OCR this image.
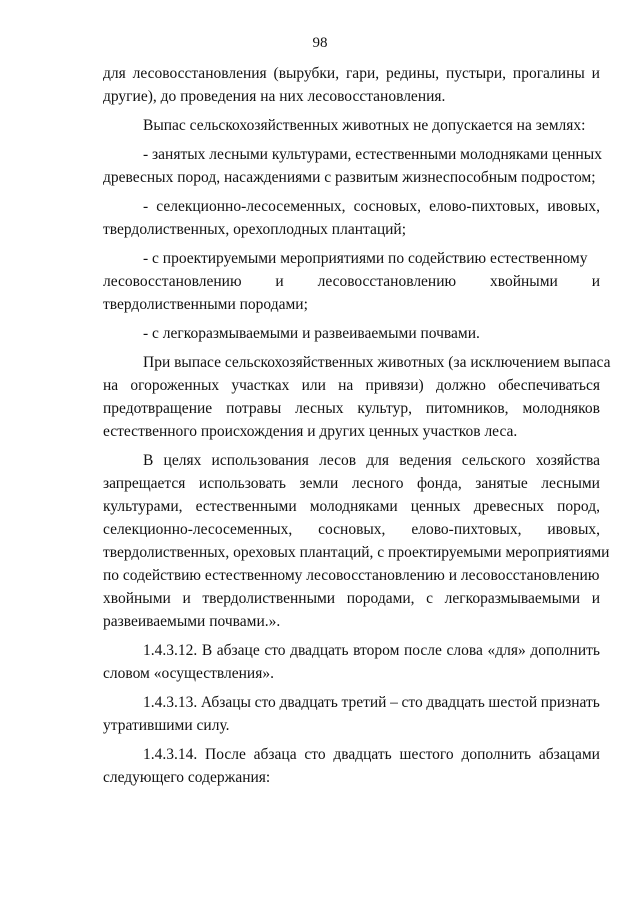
98
для лесовосстановления (вырубки, гари, редины, пустыри, прогалины и
другие), до проведения на них лесовосстановления.
Выпас сельскохозяйственных животных не допускается на землях:
- занятых лесными культурами, естественными молодняками ценных
древесных пород, насаждениями с развитым жизнеспособным подростом;
- селекционно-лесосеменных, сосновых, елово-пихтовых, ивовых,
твердолиственных, орехоплодных плантаций;
- с проектируемыми мероприятиями по содействию естественному
лесовосстановлению и лесовосстановлению хвойными и
твердолиственными породами;
- с легкоразмываемыми и развеиваемыми почвами.
При выпасе сельскохозяйственных животных (за исключением выпаса
на огороженных участках или на привязи) должно обеспечиваться
предотвращение потравы лесных культур, питомников, молодняков
естественного происхождения и других ценных участков леса.
В целях использования лесов для ведения сельского хозяйства
запрещается использовать земли лесного фонда, занятые лесными
культурами, естественными молодняками ценных древесных пород,
селекционно-лесосеменных, сосновых, елово-пихтовых, ивовых,
твердолиственных, ореховых плантаций, с проектируемыми мероприятиями
по содействию естественному лесовосстановлению и лесовосстановлению
хвойными и твердолиственными породами, с легкоразмываемыми и
развеиваемыми почвами.».
1.4.3.12. В абзаце сто двадцать втором после слова «для» дополнить
словом «осуществления».
1.4.3.13. Абзацы сто двадцать третий – сто двадцать шестой признать
утратившими силу.
1.4.3.14. После абзаца сто двадцать шестого дополнить абзацами
следующего содержания:
